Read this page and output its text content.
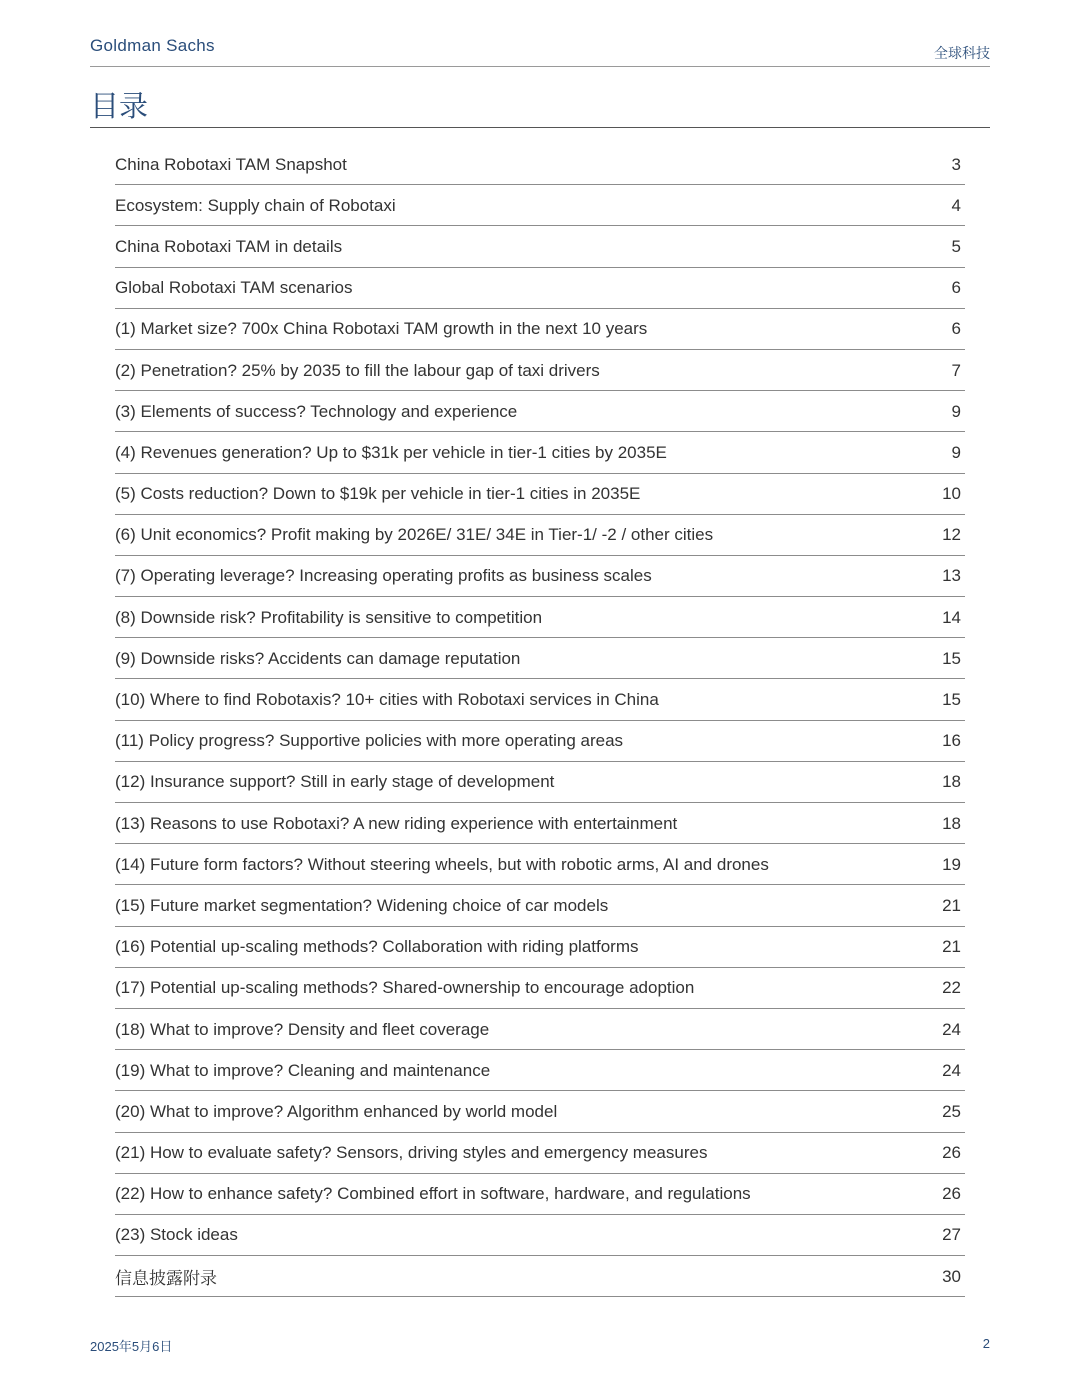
Goldman Sachs	全球科技
目录
China Robotaxi TAM Snapshot	3
Ecosystem: Supply chain of Robotaxi	4
China Robotaxi TAM in details	5
Global Robotaxi TAM scenarios	6
(1) Market size? 700x China Robotaxi TAM growth in the next 10 years	6
(2) Penetration? 25% by 2035 to fill the labour gap of taxi drivers	7
(3) Elements of success? Technology and experience	9
(4) Revenues generation? Up to $31k per vehicle in tier-1 cities by 2035E	9
(5) Costs reduction? Down to $19k per vehicle in tier-1 cities in 2035E	10
(6) Unit economics? Profit making by 2026E/ 31E/ 34E in Tier-1/ -2 / other cities	12
(7) Operating leverage? Increasing operating profits as business scales	13
(8) Downside risk? Profitability is sensitive to competition	14
(9) Downside risks? Accidents can damage reputation	15
(10) Where to find Robotaxis? 10+ cities with Robotaxi services in China	15
(11) Policy progress? Supportive policies with more operating areas	16
(12) Insurance support? Still in early stage of development	18
(13) Reasons to use Robotaxi? A new riding experience with entertainment	18
(14) Future form factors? Without steering wheels, but with robotic arms, AI and drones	19
(15) Future market segmentation? Widening choice of car models	21
(16) Potential up-scaling methods? Collaboration with riding platforms	21
(17) Potential up-scaling methods? Shared-ownership to encourage adoption	22
(18) What to improve? Density and fleet coverage	24
(19) What to improve? Cleaning and maintenance	24
(20) What to improve? Algorithm enhanced by world model	25
(21) How to evaluate safety? Sensors, driving styles and emergency measures	26
(22) How to enhance safety? Combined effort in software, hardware, and regulations	26
(23) Stock ideas	27
信息披露附录	30
2025年5月6日	2
